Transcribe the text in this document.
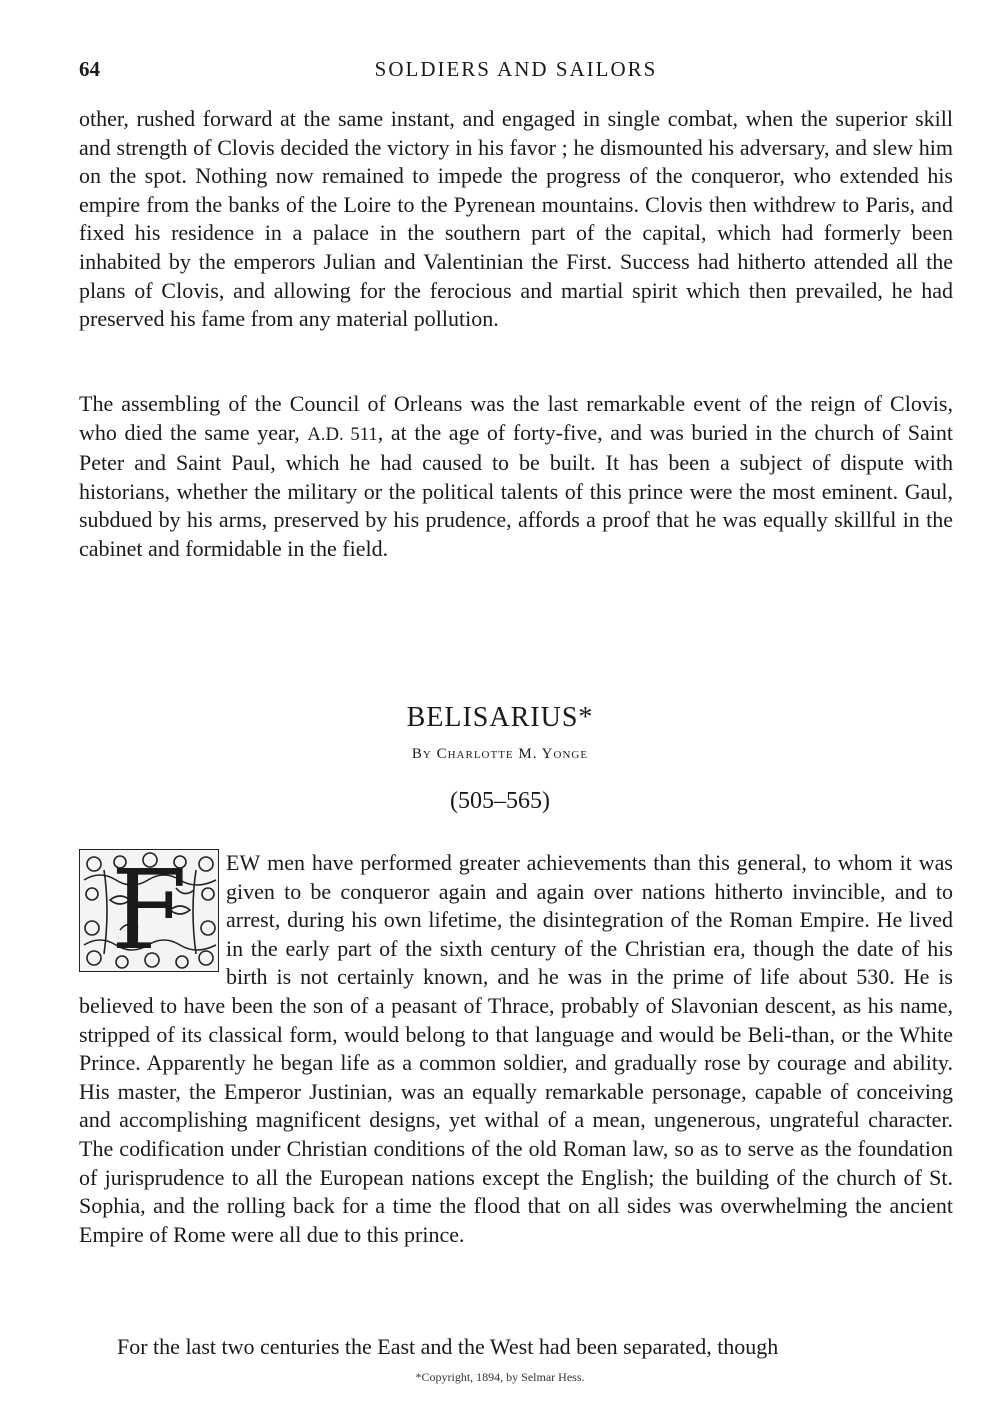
64	SOLDIERS AND SAILORS

other, rushed forward at the same instant, and engaged in single combat, when the superior skill and strength of Clovis decided the victory in his favor ; he dismounted his adversary, and slew him on the spot. Nothing now remained to impede the progress of the conqueror, who extended his empire from the banks of the Loire to the Pyrenean mountains. Clovis then withdrew to Paris, and fixed his residence in a palace in the southern part of the capital, which had formerly been inhabited by the emperors Julian and Valentinian the First. Success had hitherto attended all the plans of Clovis, and allowing for the ferocious and martial spirit which then prevailed, he had preserved his fame from any material pollution.

The assembling of the Council of Orleans was the last remarkable event of the reign of Clovis, who died the same year, A.D. 511, at the age of forty-five, and was buried in the church of Saint Peter and Saint Paul, which he had caused to be built. It has been a subject of dispute with historians, whether the military or the political talents of this prince were the most eminent. Gaul, subdued by his arms, preserved by his prudence, affords a proof that he was equally skillful in the cabinet and formidable in the field.

BELISARIUS*
By Charlotte M. Yonge
(505–565)

F	EW men have performed greater achievements than this general, to whom it was given to be conqueror again and again over nations hitherto invincible, and to arrest, during his own lifetime, the disintegration of the Roman Empire. He lived in the early part of the sixth century of the Christian era, though the date of his birth is not certainly known, and he was in the prime of life about 530. He is believed to have been the son of a peasant of Thrace, probably of Slavonian descent, as his name, stripped of its classical form, would belong to that language and would be Beli-than, or the White Prince. Apparently he began life as a common soldier, and gradually rose by courage and ability. His master, the Emperor Justinian, was an equally remarkable personage, capable of conceiving and accomplishing magnificent designs, yet withal of a mean, ungenerous, ungrateful character. The codification under Christian conditions of the old Roman law, so as to serve as the foundation of jurisprudence to all the European nations except the English; the building of the church of St. Sophia, and the rolling back for a time the flood that on all sides was overwhelming the ancient Empire of Rome were all due to this prince.

For the last two centuries the East and the West had been separated, though

*Copyright, 1894, by Selmar Hess.
